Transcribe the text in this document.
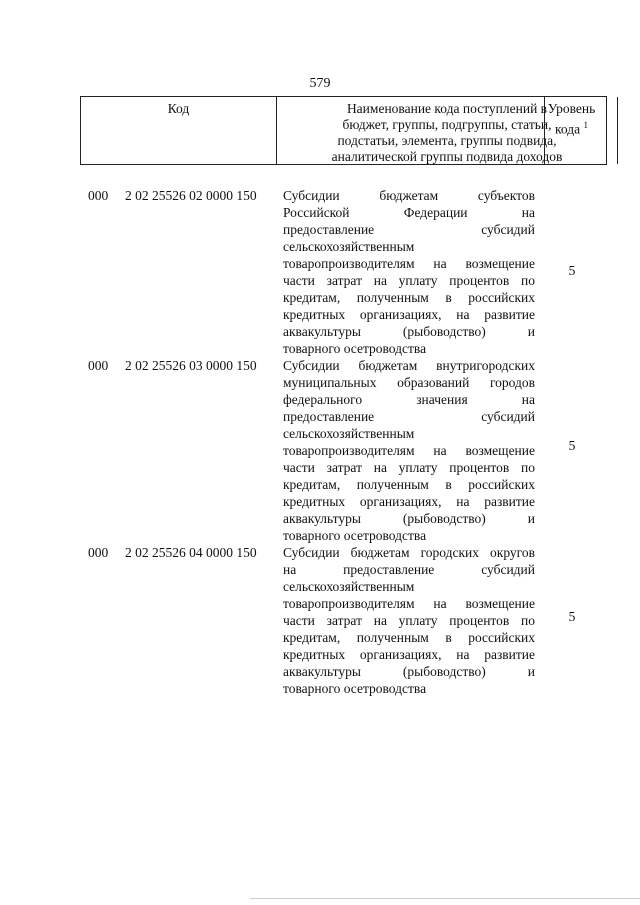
579
Код	Наименование кода поступлений в
бюджет, группы, подгруппы, статьи,
подстатьи, элемента, группы подвида,
аналитической группы подвида доходов
Уровень
кода $^1$
000 2 02 25526 02 0000 150 Субсидии бюджетам субъектов
Российской Федерации на
предоставление субсидий
сельскохозяйственным
товаропроизводителям на возмещение
части затрат на уплату процентов по
кредитам, полученным в российских
кредитных организациях, на развитие
аквакультуры (рыбоводство) и
товарного осетроводства
5
000 2 02 25526 03 0000 150 Субсидии бюджетам внутригородских
муниципальных образований городов
федерального значения на
предоставление субсидий
сельскохозяйственным
товаропроизводителям на возмещение
части затрат на уплату процентов по
кредитам, полученным в российских
кредитных организациях, на развитие
аквакультуры (рыбоводство) и
товарного осетроводства
5
000 2 02 25526 04 0000 150 Субсидии бюджетам городских округов
на предоставление субсидий
сельскохозяйственным
товаропроизводителям на возмещение
части затрат на уплату процентов по
кредитам, полученным в российских
кредитных организациях, на развитие
аквакультуры (рыбоводство) и
товарного осетроводства
5
